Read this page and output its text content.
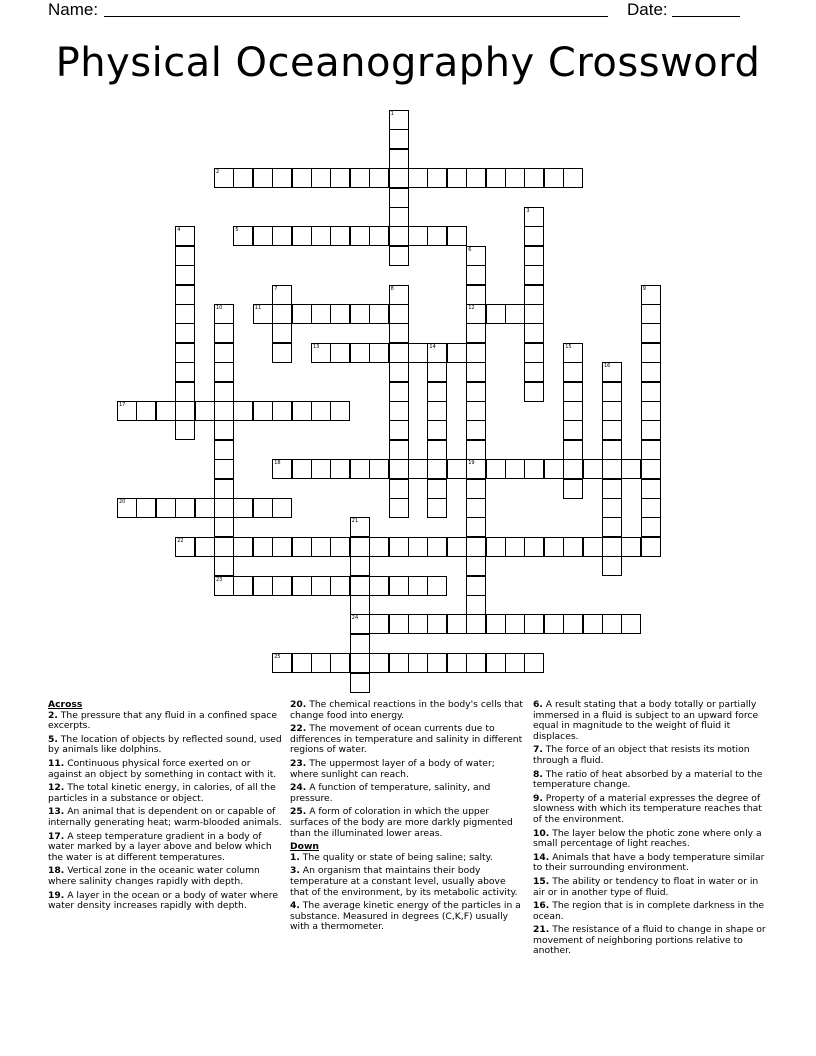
Name:	Date:
Physical Oceanography Crossword
1
2
3
4	5
6
12
19
7	8	9
10	11
13	14	15
16
17
18
20
21
24
22
23
25
Across
2. The pressure that any fluid in a confined space excerpts.
5. The location of objects by reflected sound, used by animals like dolphins.
11. Continuous physical force exerted on or against an object by something in contact with it.
12. The total kinetic energy, in calories, of all the particles in a substance or object.
13. An animal that is dependent on or capable of internally generating heat; warm-blooded animals.
17. A steep temperature gradient in a body of water marked by a layer above and below which the water is at different temperatures.
18. Vertical zone in the oceanic water column where salinity changes rapidly with depth.
19. A layer in the ocean or a body of water where water density increases rapidly with depth.
20. The chemical reactions in the body's cells that change food into energy.
22. The movement of ocean currents due to differences in temperature and salinity in different regions of water.
23. The uppermost layer of a body of water; where sunlight can reach.
24. A function of temperature, salinity, and pressure.
25. A form of coloration in which the upper surfaces of the body are more darkly pigmented than the illuminated lower areas.
Down
1. The quality or state of being saline; salty.
3. An organism that maintains their body temperature at a constant level, usually above that of the environment, by its metabolic activity.
4. The average kinetic energy of the particles in a substance. Measured in degrees (C,K,F) usually with a thermometer.
6. A result stating that a body totally or partially immersed in a fluid is subject to an upward force equal in magnitude to the weight of fluid it displaces.
7. The force of an object that resists its motion through a fluid.
8. The ratio of heat absorbed by a material to the temperature change.
9. Property of a material expresses the degree of slowness with which its temperature reaches that of the environment.
10. The layer below the photic zone where only a small percentage of light reaches.
14. Animals that have a body temperature similar to their surrounding environment.
15. The ability or tendency to float in water or in air or in another type of fluid.
16. The region that is in complete darkness in the ocean.
21. The resistance of a fluid to change in shape or movement of neighboring portions relative to another.
